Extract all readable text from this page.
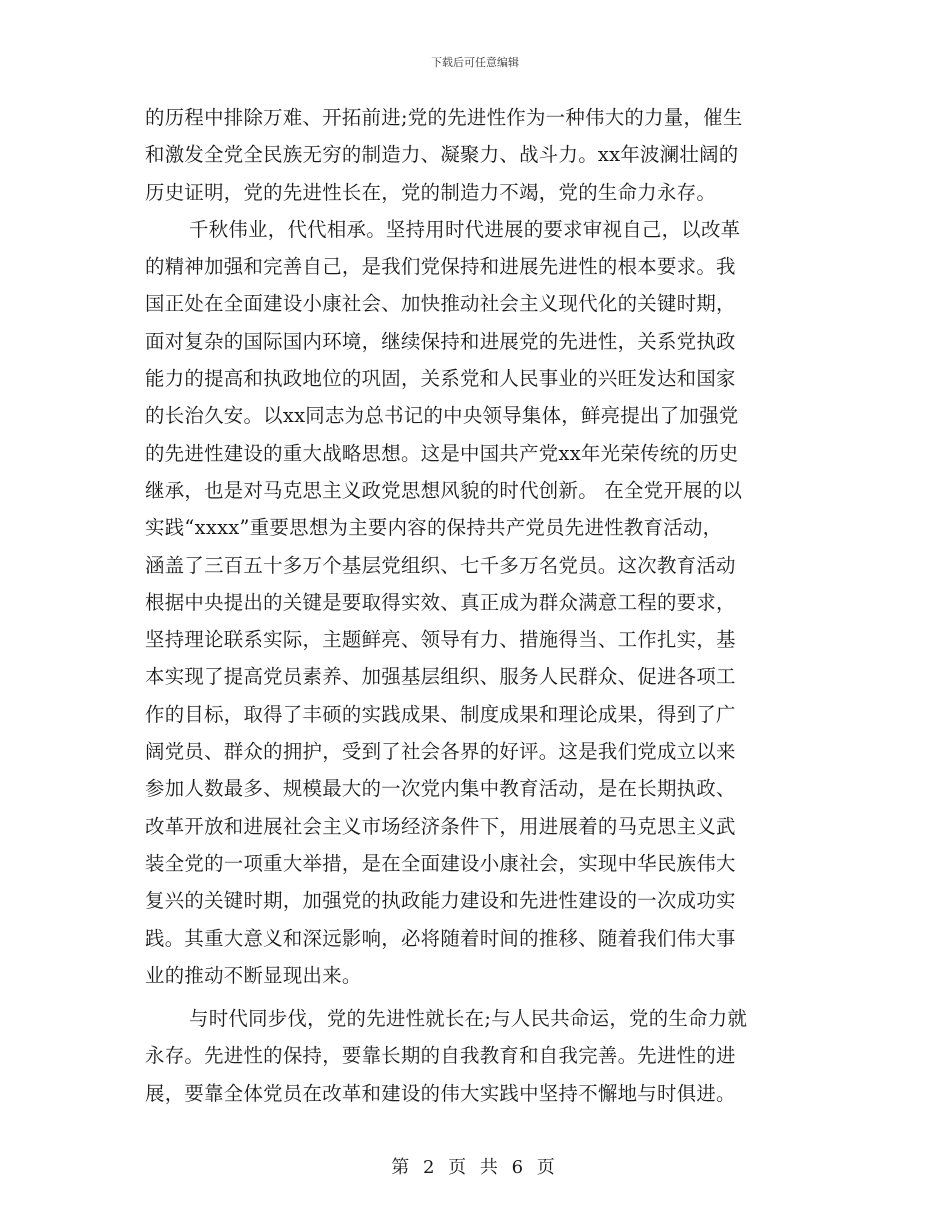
下载后可任意编辑
的历程中排除万难、开拓前进;党的先进性作为一种伟大的力量，催生
和激发全党全民族无穷的制造力、凝聚力、战斗力。xx年波澜壮阔的
历史证明，党的先进性长在，党的制造力不竭，党的生命力永存。
千秋伟业，代代相承。坚持用时代进展的要求审视自己，以改革
的精神加强和完善自己，是我们党保持和进展先进性的根本要求。我
国正处在全面建设小康社会、加快推动社会主义现代化的关键时期，
面对复杂的国际国内环境，继续保持和进展党的先进性，关系党执政
能力的提高和执政地位的巩固，关系党和人民事业的兴旺发达和国家
的长治久安。以xx同志为总书记的中央领导集体，鲜亮提出了加强党
的先进性建设的重大战略思想。这是中国共产党xx年光荣传统的历史
继承，也是对马克思主义政党思想风貌的时代创新。 在全党开展的以
实践“xxxx”重要思想为主要内容的保持共产党员先进性教育活动，
涵盖了三百五十多万个基层党组织、七千多万名党员。这次教育活动
根据中央提出的关键是要取得实效、真正成为群众满意工程的要求，
坚持理论联系实际，主题鲜亮、领导有力、措施得当、工作扎实，基
本实现了提高党员素养、加强基层组织、服务人民群众、促进各项工
作的目标，取得了丰硕的实践成果、制度成果和理论成果，得到了广
阔党员、群众的拥护，受到了社会各界的好评。这是我们党成立以来
参加人数最多、规模最大的一次党内集中教育活动，是在长期执政、
改革开放和进展社会主义市场经济条件下，用进展着的马克思主义武
装全党的一项重大举措，是在全面建设小康社会，实现中华民族伟大
复兴的关键时期，加强党的执政能力建设和先进性建设的一次成功实
践。其重大意义和深远影响，必将随着时间的推移、随着我们伟大事
业的推动不断显现出来。
与时代同步伐，党的先进性就长在;与人民共命运，党的生命力就
永存。先进性的保持，要靠长期的自我教育和自我完善。先进性的进
展，要靠全体党员在改革和建设的伟大实践中坚持不懈地与时俱进。
第 2 页 共 6 页
